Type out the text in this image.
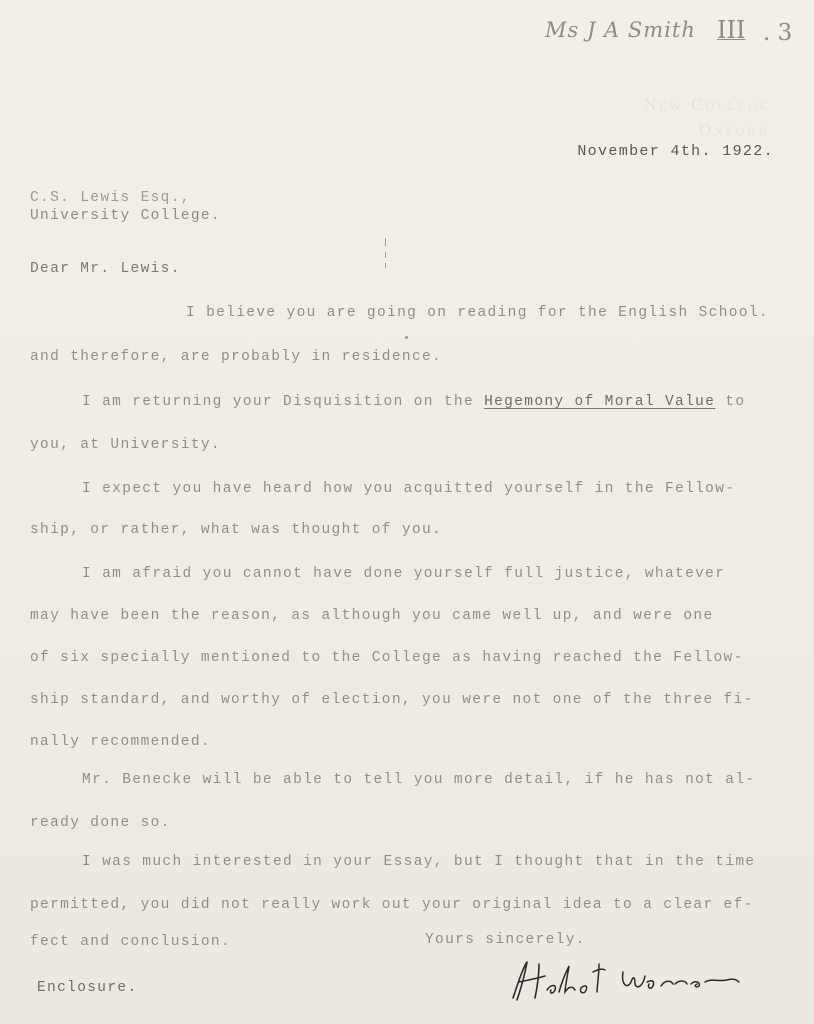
Ms J A Smith III . 3
New College
Oxford
November 4th. 1922.
C.S. Lewis Esq.,
University College.
Dear Mr. Lewis.
I believe you are going on reading for the English School.
and therefore, are probably in residence.
I am returning your Disquisition on the Hegemony of Moral Value to
you, at University.
I expect you have heard how you acquitted yourself in the Fellow-
ship, or rather, what was thought of you.
I am afraid you cannot have done yourself full justice, whatever
may have been the reason, as although you came well up, and were one
of six specially mentioned to the College as having reached the Fellow-
ship standard, and worthy of election, you were not one of the three fi-
nally recommended.
Mr. Benecke will be able to tell you more detail, if he has not al-
ready done so.
I was much interested in your Essay, but I thought that in the time
permitted, you did not really work out your original idea to a clear ef-
fect and conclusion.	Yours sincerely.
Enclosure.
